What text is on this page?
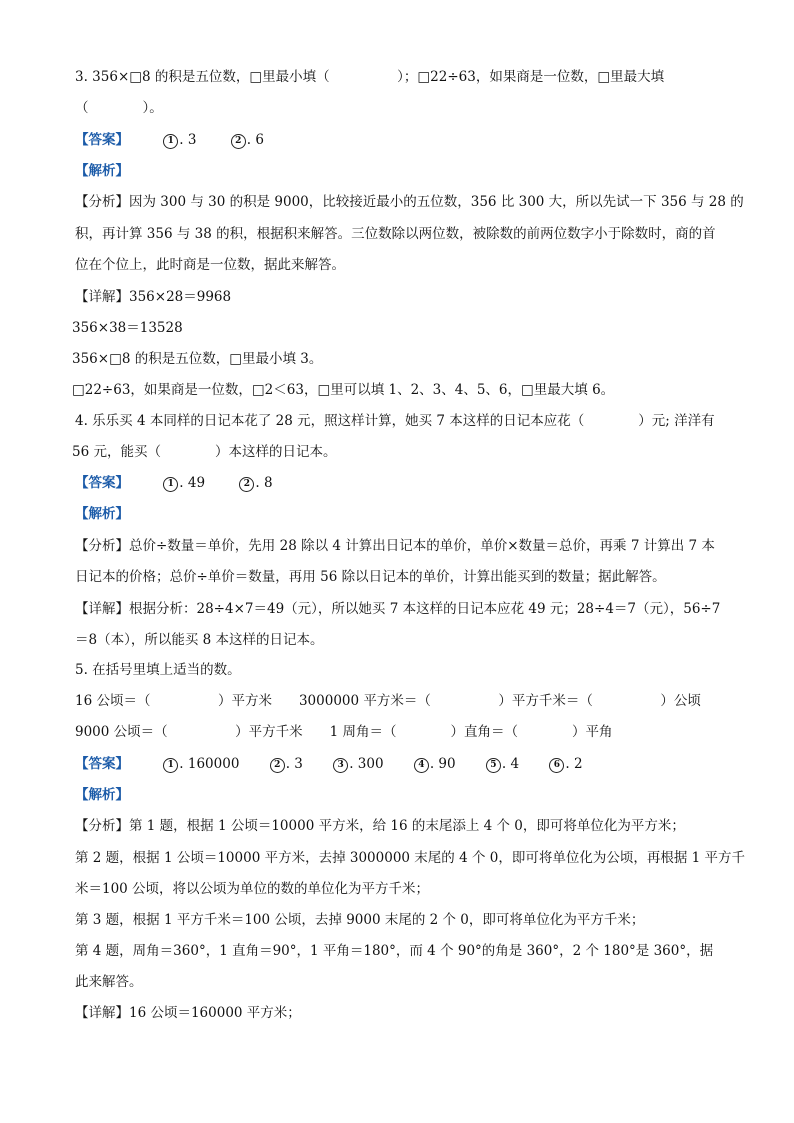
3. 356×□8 的积是五位数，□里最小填（　　　　　）；□22÷63，如果商是一位数，□里最大填
（　　　　）。
【答案】	1 . 3	2 . 6
【解析】
【分析】因为 300 与 30 的积是 9000，比较接近最小的五位数，356 比 300 大，所以先试一下 356 与 28 的
积，再计算 356 与 38 的积，根据积来解答。三位数除以两位数，被除数的前两位数字小于除数时，商的首
位在个位上，此时商是一位数，据此来解答。
【详解】356×28＝9968
356×38＝13528
356×□8 的积是五位数，□里最小填 3。
□22÷63，如果商是一位数，□2＜63，□里可以填 1、2、3、4、5、6，□里最大填 6。
4. 乐乐买 4 本同样的日记本花了 28 元，照这样计算，她买 7 本这样的日记本应花（　　　　）元; 洋洋有
56 元，能买（　　　　）本这样的日记本。
【答案】	1 . 49	2 . 8
【解析】
【分析】总价÷数量＝单价，先用 28 除以 4 计算出日记本的单价，单价×数量＝总价，再乘 7 计算出 7 本
日记本的价格；总价÷单价＝数量，再用 56 除以日记本的单价，计算出能买到的数量；据此解答。
【详解】根据分析：28÷4×7＝49（元），所以她买 7 本这样的日记本应花 49 元；28÷4＝7（元），56÷7
＝8（本），所以能买 8 本这样的日记本。
5. 在括号里填上适当的数。
16 公顷＝（　　　　　）平方米　　3000000 平方米＝（　　　　　）平方千米＝（　　　　　）公顷
9000 公顷＝（　　　　　）平方千米　　1 周角＝（　　　　）直角＝（　　　　）平角
【答案】	1 . 160000	2 . 3	3 . 300	4 . 90	5 . 4	6 . 2
【解析】
【分析】第 1 题，根据 1 公顷＝10000 平方米，给 16 的末尾添上 4 个 0，即可将单位化为平方米；
第 2 题，根据 1 公顷＝10000 平方米，去掉 3000000 末尾的 4 个 0，即可将单位化为公顷，再根据 1 平方千
米＝100 公顷，将以公顷为单位的数的单位化为平方千米；
第 3 题，根据 1 平方千米＝100 公顷，去掉 9000 末尾的 2 个 0，即可将单位化为平方千米；
第 4 题，周角＝360°，1 直角＝90°，1 平角＝180°，而 4 个 90°的角是 360°，2 个 180°是 360°，据
此来解答。
【详解】16 公顷＝160000 平方米；
